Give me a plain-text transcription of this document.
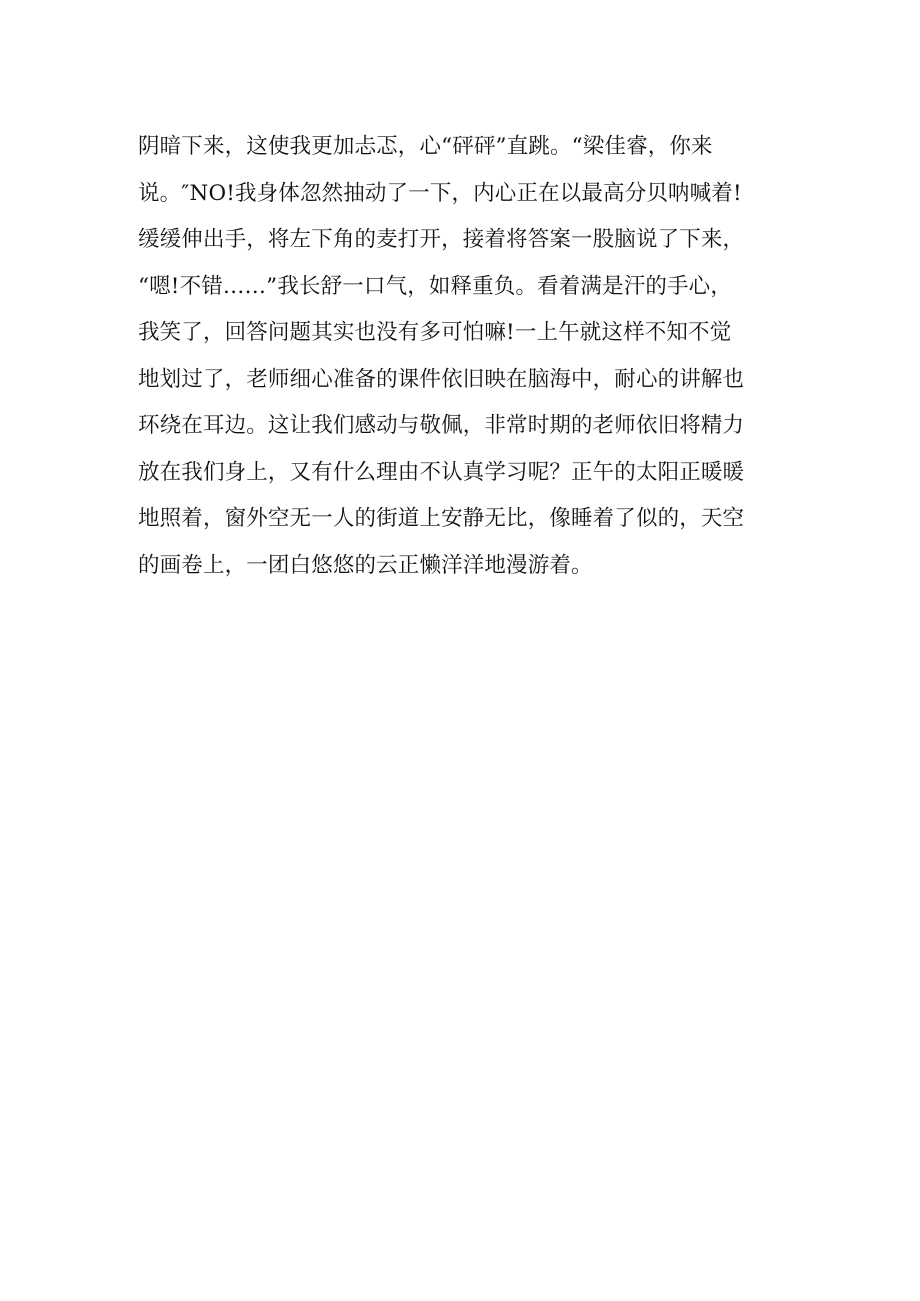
阴暗下来，这使我更加忐忑，心“砰砰”直跳。“梁佳睿，你来
说。″NO!我身体忽然抽动了一下，内心正在以最高分贝呐喊着!
缓缓伸出手，将左下角的麦打开，接着将答案一股脑说了下来，
“嗯!不错……”我长舒一口气，如释重负。看着满是汗的手心，
我笑了，回答问题其实也没有多可怕嘛!一上午就这样不知不觉
地划过了，老师细心准备的课件依旧映在脑海中，耐心的讲解也
环绕在耳边。这让我们感动与敬佩，非常时期的老师依旧将精力
放在我们身上，又有什么理由不认真学习呢？正午的太阳正暖暖
地照着，窗外空无一人的街道上安静无比，像睡着了似的，天空
的画卷上，一团白悠悠的云正懒洋洋地漫游着。
